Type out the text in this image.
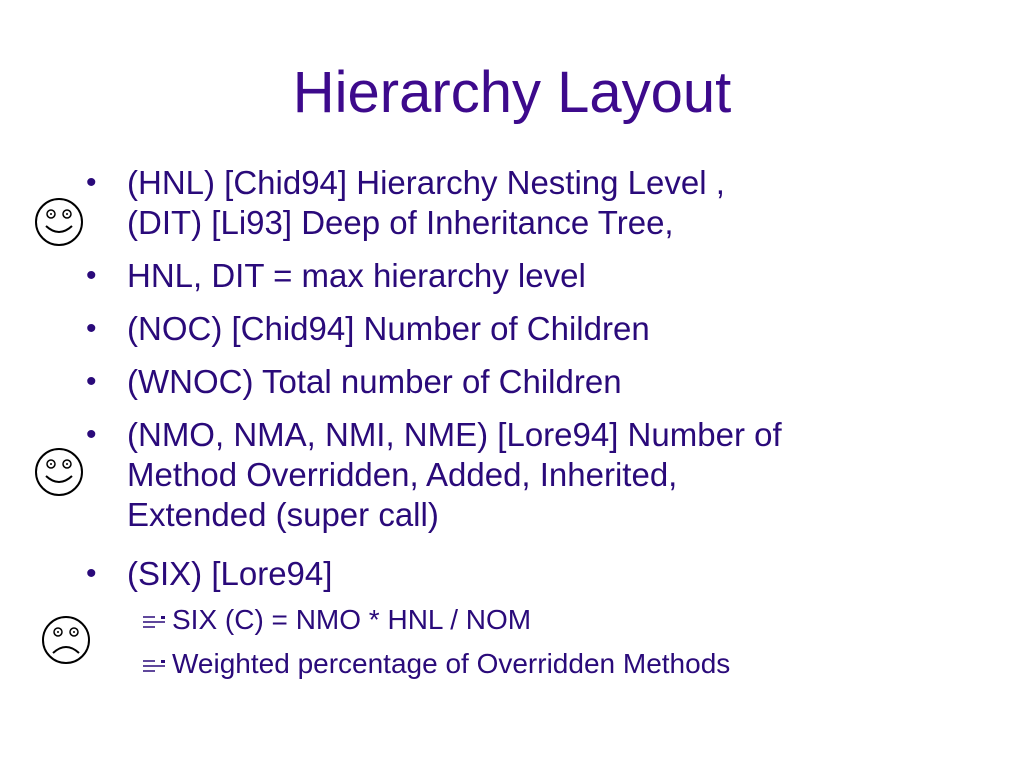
Hierarchy Layout
• (HNL) [Chid94] Hierarchy Nesting Level ,
(DIT) [Li93] Deep of Inheritance Tree,
• HNL, DIT = max hierarchy level
• (NOC) [Chid94] Number of Children
• (WNOC) Total number of Children
• (NMO, NMA, NMI, NME) [Lore94] Number of
Method Overridden, Added, Inherited,
Extended (super call)
• (SIX) [Lore94]
SIX (C) = NMO * HNL / NOM
Weighted percentage of Overridden Methods
